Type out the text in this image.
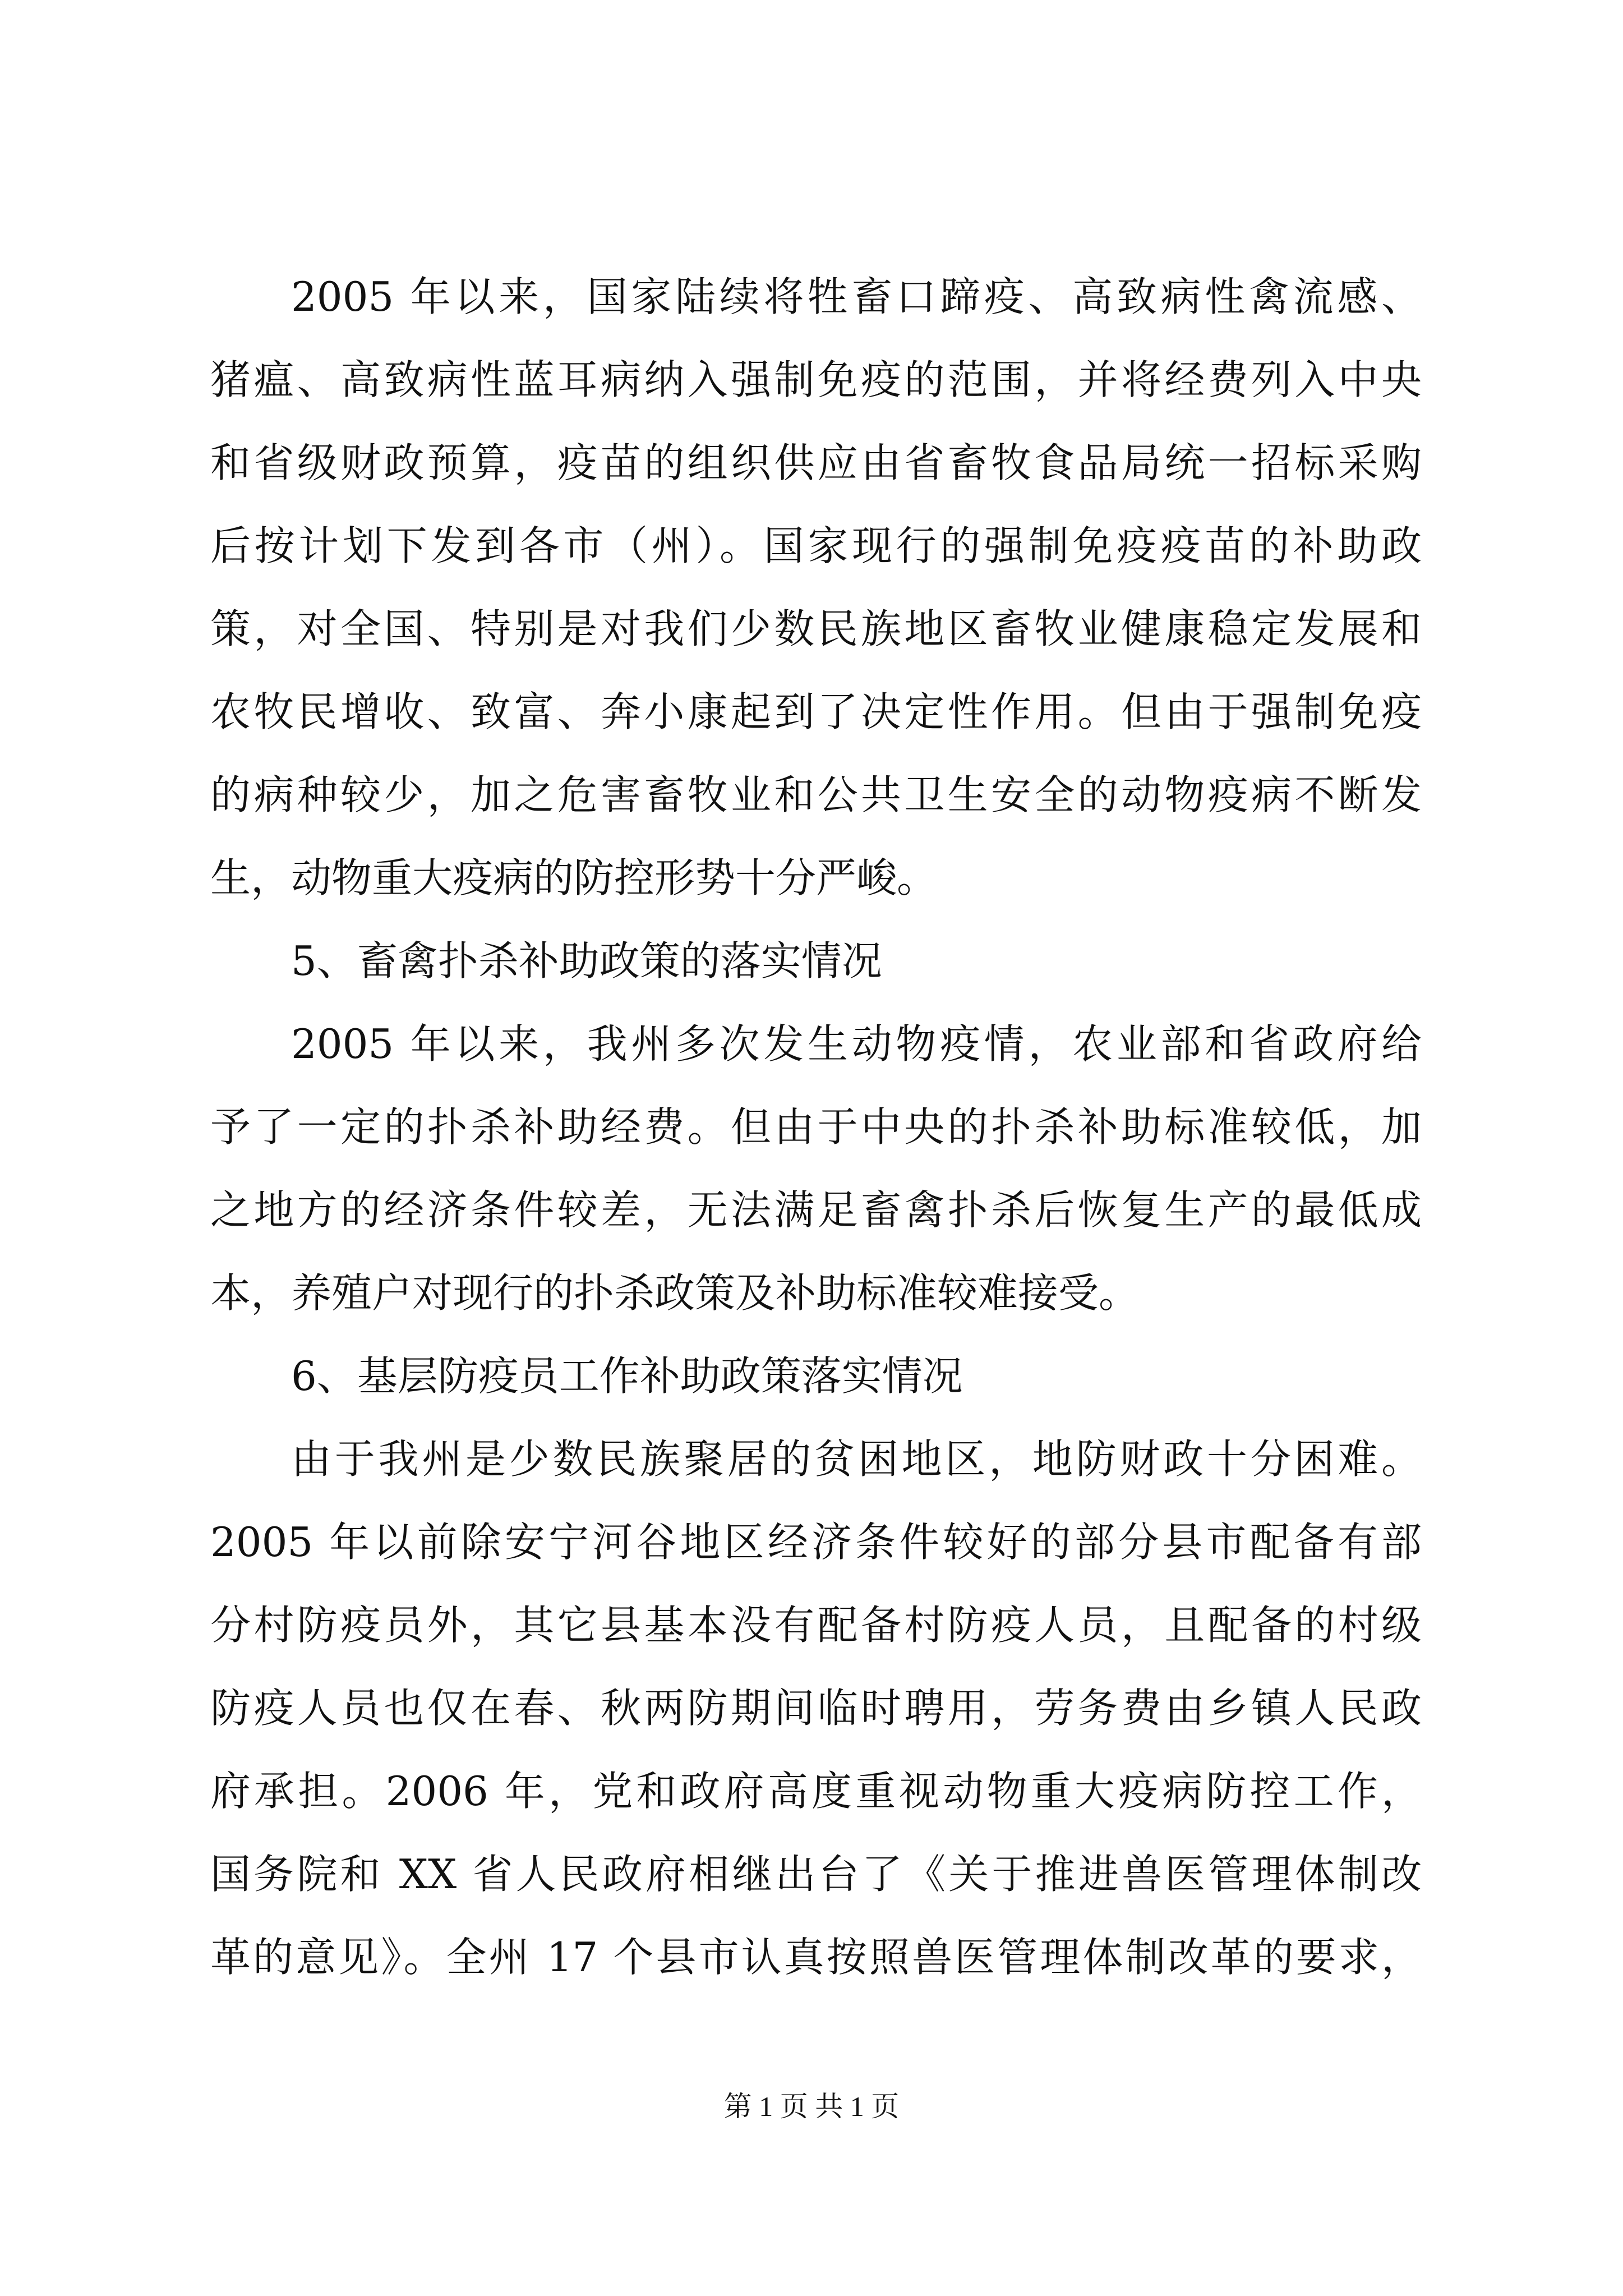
2005 年以来，国家陆续将牲畜口蹄疫、高致病性禽流感、
猪瘟、高致病性蓝耳病纳入强制免疫的范围，并将经费列入中央
和省级财政预算，疫苗的组织供应由省畜牧食品局统一招标采购
后按计划下发到各市（州）。国家现行的强制免疫疫苗的补助政
策，对全国、特别是对我们少数民族地区畜牧业健康稳定发展和
农牧民增收、致富、奔小康起到了决定性作用。但由于强制免疫
的病种较少，加之危害畜牧业和公共卫生安全的动物疫病不断发
生，动物重大疫病的防控形势十分严峻。
5、畜禽扑杀补助政策的落实情况
2005 年以来，我州多次发生动物疫情，农业部和省政府给
予了一定的扑杀补助经费。但由于中央的扑杀补助标准较低，加
之地方的经济条件较差，无法满足畜禽扑杀后恢复生产的最低成
本，养殖户对现行的扑杀政策及补助标准较难接受。
6、基层防疫员工作补助政策落实情况
由于我州是少数民族聚居的贫困地区，地防财政十分困难。
2005 年以前除安宁河谷地区经济条件较好的部分县市配备有部
分村防疫员外，其它县基本没有配备村防疫人员，且配备的村级
防疫人员也仅在春、秋两防期间临时聘用，劳务费由乡镇人民政
府承担。2006 年，党和政府高度重视动物重大疫病防控工作，
国务院和 XX 省人民政府相继出台了《关于推进兽医管理体制改
革的意见》。全州 17 个县市认真按照兽医管理体制改革的要求，
第 1 页 共 1 页
